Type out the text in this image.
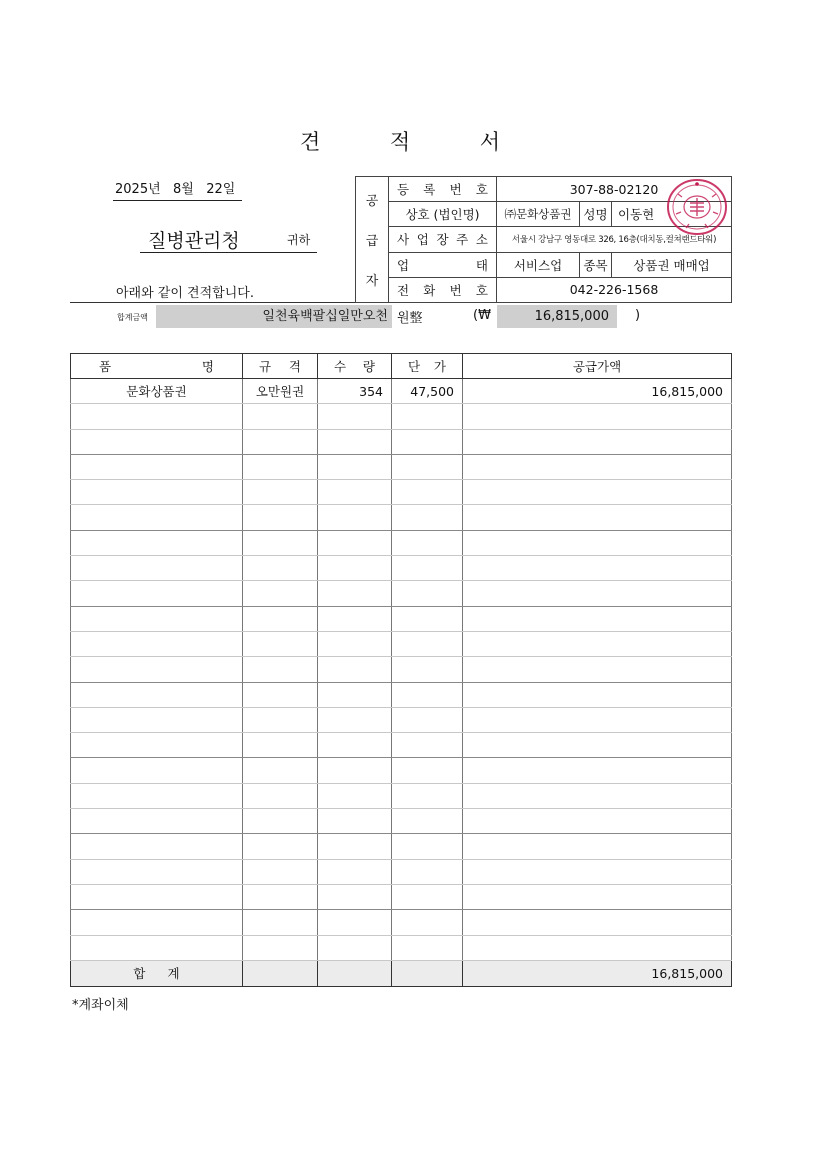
견	적	서
2025년   8월   22일
질병관리청	귀하
아래와 같이 견적합니다.
공
급
자	등 록 번 호	307-88-02120		
	상호 (법인명)	㈜문화상품권	성명	이동현

	사 업 장 주 소	서울시 강남구 영동대로 326, 16층(대치동,컬쳐랜드타워)		

	업 태	서비스업	종목	상품권 매매업

	전 화 번 호	042-226-1568		
합계금액	일천육백팔십일만오천 원整	(₩	16,815,000 )
품 명	규 격	수 량	단 가	공급가액
문화상품권	오만원권	354	47,500	16,815,000

합 계				16,815,000
*계좌이체
